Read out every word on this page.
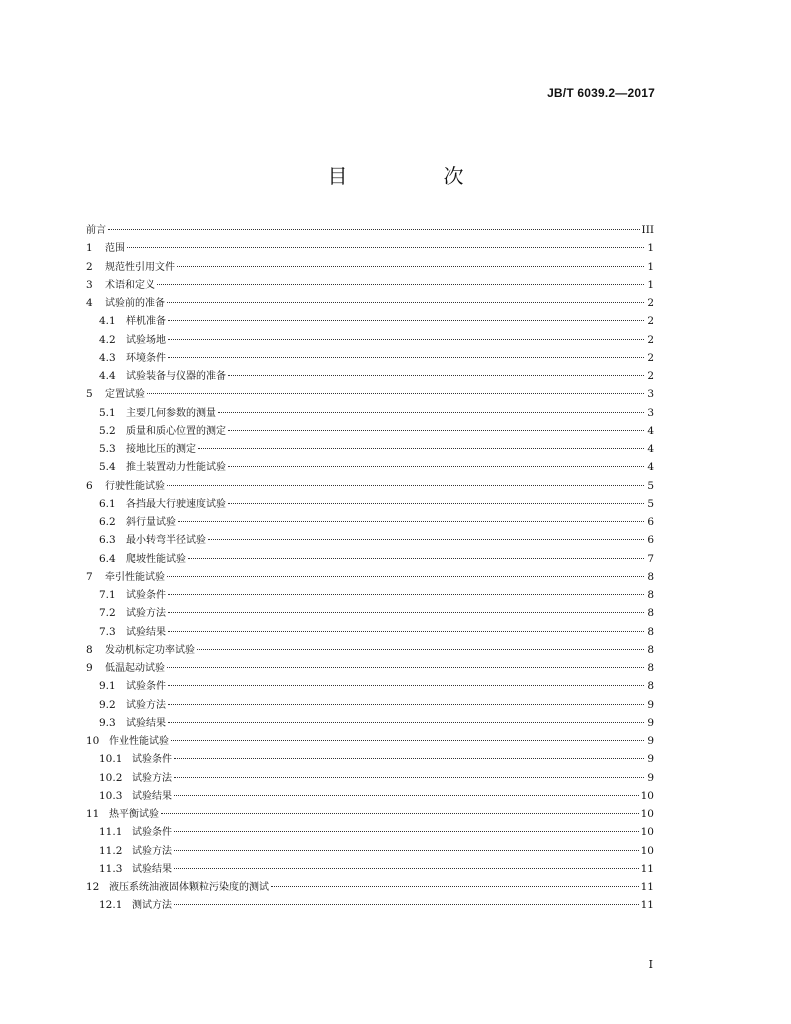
JB/T 6039.2—2017
目　次
前言	III
1	范围	1
2	规范性引用文件	1
3	术语和定义	1
4	试验前的准备	2
4.1	样机准备	2
4.2	试验场地	2
4.3	环境条件	2
4.4	试验装备与仪器的准备	2
5	定置试验	3
5.1	主要几何参数的测量	3
5.2	质量和质心位置的测定	4
5.3	接地比压的测定	4
5.4	推土装置动力性能试验	4
6	行驶性能试验	5
6.1	各挡最大行驶速度试验	5
6.2	斜行量试验	6
6.3	最小转弯半径试验	6
6.4	爬坡性能试验	7
7	牵引性能试验	8
7.1	试验条件	8
7.2	试验方法	8
7.3	试验结果	8
8	发动机标定功率试验	8
9	低温起动试验	8
9.1	试验条件	8
9.2	试验方法	9
9.3	试验结果	9
10 作业性能试验	9
10.1 试验条件	9
10.2 试验方法	9
10.3 试验结果	10
11 热平衡试验	10
11.1 试验条件	10
11.2 试验方法	10
11.3 试验结果	11
12 液压系统油液固体颗粒污染度的测试	11
12.1 测试方法	11
I
